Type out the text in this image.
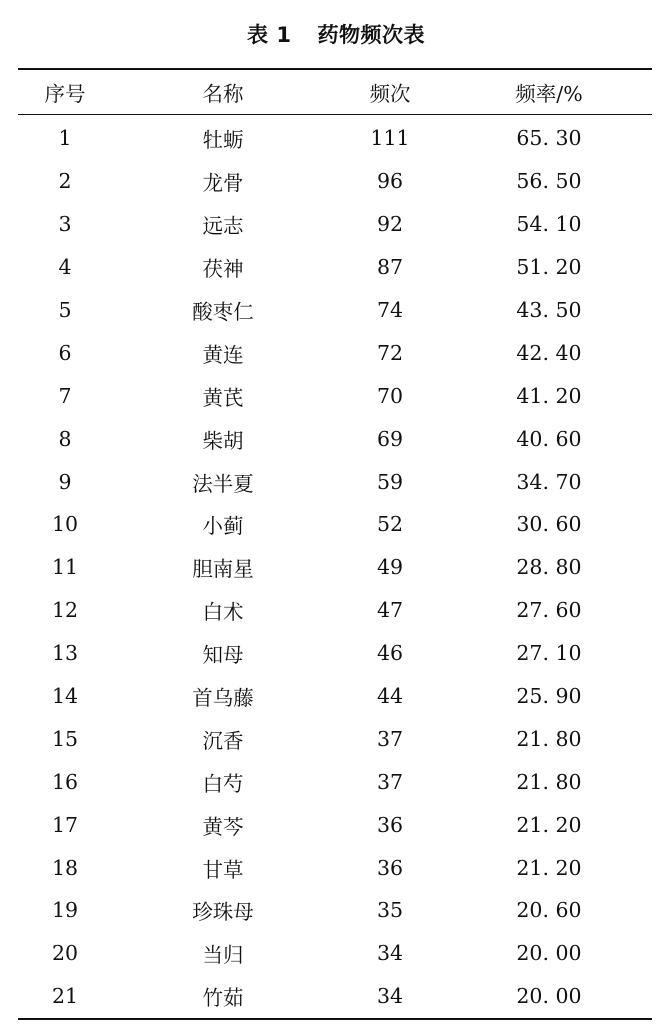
表 1 药物频次表
序号	名称	频次	频率/%
1	牡蛎	111	65. 30
2	龙骨	96	56. 50
3	远志	92	54. 10
4	茯神	87	51. 20
5	酸枣仁	74	43. 50
6	黄连	72	42. 40
7	黄芪	70	41. 20
8	柴胡	69	40. 60
9	法半夏	59	34. 70
10	小蓟	52	30. 60
11	胆南星	49	28. 80
12	白术	47	27. 60
13	知母	46	27. 10
14	首乌藤	44	25. 90
15	沉香	37	21. 80
16	白芍	37	21. 80
17	黄芩	36	21. 20
18	甘草	36	21. 20
19	珍珠母	35	20. 60
20	当归	34	20. 00
21	竹茹	34	20. 00
